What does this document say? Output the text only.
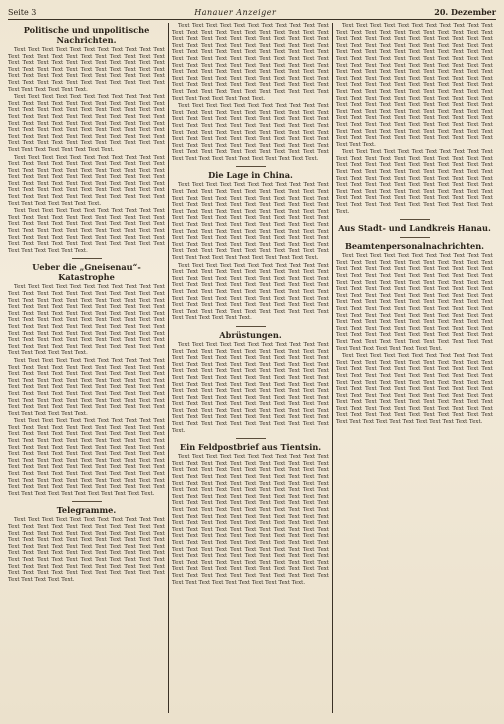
Seite 3	Hanauer Anzeiger	20. Dezember
Politische und unpolitische Nachrichten.

Text Text Text Text Text Text Text Text Text Text Text Text Text Text Text Text Text Text Text Text Text Text Text Text Text Text Text Text Text Text Text Text Text Text Text Text Text Text Text Text Text Text Text Text Text Text Text Text Text Text Text Text Text Text Text Text Text Text Text Text Text Text Text Text Text Text Text Text Text Text Text Text.

Text Text Text Text Text Text Text Text Text Text Text Text Text Text Text Text Text Text Text Text Text Text Text Text Text Text Text Text Text Text Text Text Text Text Text Text Text Text Text Text Text Text Text Text Text Text Text Text Text Text Text Text Text Text Text Text Text Text Text Text Text Text Text Text Text Text Text Text Text Text Text Text Text Text Text Text Text Text Text Text Text Text Text Text Text Text Text Text Text Text Text Text Text Text Text Text.

Text Text Text Text Text Text Text Text Text Text Text Text Text Text Text Text Text Text Text Text Text Text Text Text Text Text Text Text Text Text Text Text Text Text Text Text Text Text Text Text Text Text Text Text Text Text Text Text Text Text Text Text Text Text Text Text Text Text Text Text Text Text Text Text Text Text Text Text Text Text Text Text Text Text Text Text Text Text Text Text Text Text Text Text.

Text Text Text Text Text Text Text Text Text Text Text Text Text Text Text Text Text Text Text Text Text Text Text Text Text Text Text Text Text Text Text Text Text Text Text Text Text Text Text Text Text Text Text Text Text Text Text Text Text Text Text Text Text Text Text Text Text Text Text Text Text Text Text Text Text Text Text Text Text Text Text Text.

Ueber die „Gneisenau“-Katastrophe

Text Text Text Text Text Text Text Text Text Text Text Text Text Text Text Text Text Text Text Text Text Text Text Text Text Text Text Text Text Text Text Text Text Text Text Text Text Text Text Text Text Text Text Text Text Text Text Text Text Text Text Text Text Text Text Text Text Text Text Text Text Text Text Text Text Text Text Text Text Text Text Text Text Text Text Text Text Text Text Text Text Text Text Text Text Text Text Text Text Text Text Text Text Text Text Text Text Text Text Text Text Text Text Text Text Text Text Text Text Text Text Text Text Text Text Text.

Text Text Text Text Text Text Text Text Text Text Text Text Text Text Text Text Text Text Text Text Text Text Text Text Text Text Text Text Text Text Text Text Text Text Text Text Text Text Text Text Text Text Text Text Text Text Text Text Text Text Text Text Text Text Text Text Text Text Text Text Text Text Text Text Text Text Text Text Text Text Text Text Text Text Text Text Text Text Text Text Text Text Text Text Text Text Text Text Text Text Text Text Text Text.

Text Text Text Text Text Text Text Text Text Text Text Text Text Text Text Text Text Text Text Text Text Text Text Text Text Text Text Text Text Text Text Text Text Text Text Text Text Text Text Text Text Text Text Text Text Text Text Text Text Text Text Text Text Text Text Text Text Text Text Text Text Text Text Text Text Text Text Text Text Text Text Text Text Text Text Text Text Text Text Text Text Text Text Text Text Text Text Text Text Text Text Text Text Text Text Text Text Text Text Text Text Text Text Text Text Text Text Text Text Text Text Text Text Text Text Text Text Text Text Text Text Text Text Text Text Text Text Text Text Text Text Text.

Telegramme.

Text Text Text Text Text Text Text Text Text Text Text Text Text Text Text Text Text Text Text Text Text Text Text Text Text Text Text Text Text Text Text Text Text Text Text Text Text Text Text Text Text Text Text Text Text Text Text Text Text Text Text Text Text Text Text Text Text Text Text Text Text Text Text Text Text Text Text Text Text Text Text Text Text Text Text Text Text Text Text Text Text Text Text Text Text Text Text Text Text Text Text Text Text Text Text Text Text Text Text Text Text Text Text Text.

Text Text Text Text Text Text Text Text Text Text Text Text Text Text Text Text Text Text Text Text Text Text Text Text Text Text Text Text Text Text Text Text Text Text Text Text Text Text Text Text Text Text Text Text Text Text Text Text Text Text Text Text Text Text Text Text Text Text Text Text Text Text Text Text Text Text Text Text Text Text Text Text Text Text Text Text Text Text Text Text Text Text Text Text Text Text Text Text Text Text Text Text Text Text Text Text Text Text Text Text Text Text Text Text Text Text Text Text Text Text Text Text Text Text Text Text Text Text Text Text Text Text Text Text Text Text Text Text.

Text Text Text Text Text Text Text Text Text Text Text Text Text Text Text Text Text Text Text Text Text Text Text Text Text Text Text Text Text Text Text Text Text Text Text Text Text Text Text Text Text Text Text Text Text Text Text Text Text Text Text Text Text Text Text Text Text Text Text Text Text Text Text Text Text Text Text Text Text Text Text Text Text Text Text Text Text Text Text Text Text Text Text Text Text Text Text Text Text Text Text Text Text Text Text Text Text Text Text.

Die Lage in China.

Text Text Text Text Text Text Text Text Text Text Text Text Text Text Text Text Text Text Text Text Text Text Text Text Text Text Text Text Text Text Text Text Text Text Text Text Text Text Text Text Text Text Text Text Text Text Text Text Text Text Text Text Text Text Text Text Text Text Text Text Text Text Text Text Text Text Text Text Text Text Text Text Text Text Text Text Text Text Text Text Text Text Text Text Text Text Text Text Text Text Text Text Text Text Text Text Text Text Text Text Text Text Text Text Text Text Text Text Text Text Text Text Text Text Text Text Text Text Text Text Text Text Text Text Text Text Text Text Text Text Text Text.

Text Text Text Text Text Text Text Text Text Text Text Text Text Text Text Text Text Text Text Text Text Text Text Text Text Text Text Text Text Text Text Text Text Text Text Text Text Text Text Text Text Text Text Text Text Text Text Text Text Text Text Text Text Text Text Text Text Text Text Text Text Text Text Text Text Text Text Text Text Text Text Text Text Text Text Text Text Text Text Text Text Text Text Text Text Text Text Text Text Text Text Text Text Text.

Abrüstungen.

Text Text Text Text Text Text Text Text Text Text Text Text Text Text Text Text Text Text Text Text Text Text Text Text Text Text Text Text Text Text Text Text Text Text Text Text Text Text Text Text Text Text Text Text Text Text Text Text Text Text Text Text Text Text Text Text Text Text Text Text Text Text Text Text Text Text Text Text Text Text Text Text Text Text Text Text Text Text Text Text Text Text Text Text Text Text Text Text Text Text Text Text Text Text Text Text Text Text Text Text Text Text Text Text Text Text Text Text Text Text Text Text Text Text Text Text Text Text Text Text Text Text Text Text Text Text Text Text Text Text Text Text Text Text Text Text Text Text Text Text Text Text Text Text.

Ein Feldpostbrief aus Tientsin.

Text Text Text Text Text Text Text Text Text Text Text Text Text Text Text Text Text Text Text Text Text Text Text Text Text Text Text Text Text Text Text Text Text Text Text Text Text Text Text Text Text Text Text Text Text Text Text Text Text Text Text Text Text Text Text Text Text Text Text Text Text Text Text Text Text Text Text Text Text Text Text Text Text Text Text Text Text Text Text Text Text Text Text Text Text Text Text Text Text Text Text Text Text Text Text Text Text Text Text Text Text Text Text Text Text Text Text Text Text Text Text Text Text Text Text Text Text Text Text Text Text Text Text Text Text Text Text Text Text Text Text Text Text Text Text Text Text Text Text Text Text Text Text Text Text Text Text Text Text Text Text Text Text Text Text Text Text Text Text Text Text Text Text Text Text Text Text Text Text Text Text Text Text Text Text Text Text Text Text Text Text Text Text Text Text Text Text Text Text Text Text Text Text Text Text Text Text Text Text Text Text Text Text Text Text Text Text Text Text Text Text Text Text Text Text Text Text Text Text.

Text Text Text Text Text Text Text Text Text Text Text Text Text Text Text Text Text Text Text Text Text Text Text Text Text Text Text Text Text Text Text Text Text Text Text Text Text Text Text Text Text Text Text Text Text Text Text Text Text Text Text Text Text Text Text Text Text Text Text Text Text Text Text Text Text Text Text Text Text Text Text Text Text Text Text Text Text Text Text Text Text Text Text Text Text Text Text Text Text Text Text Text Text Text Text Text Text Text Text Text Text Text Text Text Text Text Text Text Text Text Text Text Text Text Text Text Text Text Text Text Text Text Text Text Text Text Text Text Text Text Text Text Text Text Text Text Text Text Text Text Text Text Text Text Text Text Text Text Text Text Text Text Text Text Text Text Text Text Text Text Text Text Text Text Text Text Text Text Text Text Text Text Text Text Text Text Text Text Text Text Text Text Text Text Text Text Text Text Text Text Text Text Text Text Text Text Text Text Text Text Text.

Text Text Text Text Text Text Text Text Text Text Text Text Text Text Text Text Text Text Text Text Text Text Text Text Text Text Text Text Text Text Text Text Text Text Text Text Text Text Text Text Text Text Text Text Text Text Text Text Text Text Text Text Text Text Text Text Text Text Text Text Text Text Text Text Text Text Text Text Text Text Text Text Text Text Text Text Text Text Text Text Text Text Text Text Text Text Text Text Text Text Text Text Text Text Text Text Text Text Text Text.

Aus Stadt- und Landkreis Hanau.
Beamtenpersonalnachrichten.

Text Text Text Text Text Text Text Text Text Text Text Text Text Text Text Text Text Text Text Text Text Text Text Text Text Text Text Text Text Text Text Text Text Text Text Text Text Text Text Text Text Text Text Text Text Text Text Text Text Text Text Text Text Text Text Text Text Text Text Text Text Text Text Text Text Text Text Text Text Text Text Text Text Text Text Text Text Text Text Text Text Text Text Text Text Text Text Text Text Text Text Text Text Text Text Text Text Text Text Text Text Text Text Text Text Text Text Text Text Text Text Text Text Text Text Text Text Text Text Text Text Text Text Text Text Text Text Text Text Text Text Text Text Text Text Text Text Text Text Text Text Text Text Text Text Text Text Text Text Text Text Text Text Text Text Text Text Text Text Text Text Text.

Text Text Text Text Text Text Text Text Text Text Text Text Text Text Text Text Text Text Text Text Text Text Text Text Text Text Text Text Text Text Text Text Text Text Text Text Text Text Text Text Text Text Text Text Text Text Text Text Text Text Text Text Text Text Text Text Text Text Text Text Text Text Text Text Text Text Text Text Text Text Text Text Text Text Text Text Text Text Text Text Text Text Text Text Text Text Text Text Text Text Text Text Text Text Text Text Text Text Text Text Text Text Text Text Text Text Text Text Text Text Text Text Text Text Text Text Text Text Text Text Text.
